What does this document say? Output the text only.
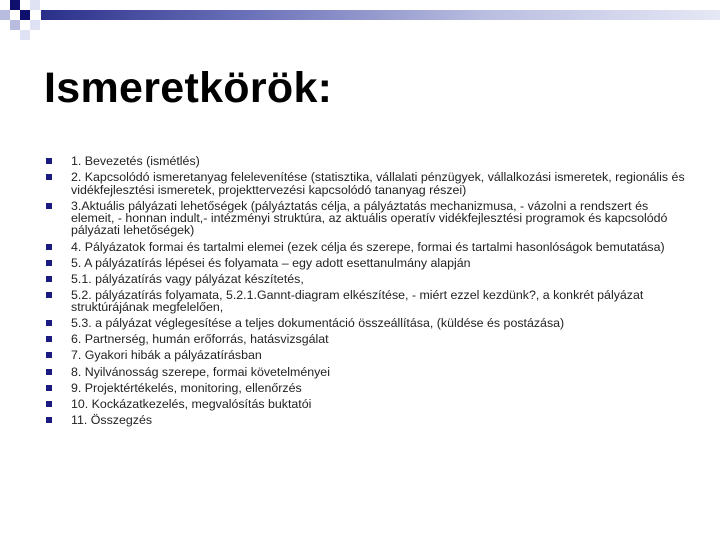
Ismeretkörök:
1. Bevezetés (ismétlés)
2. Kapcsolódó ismeretanyag felelevenítése (statisztika, vállalati pénzügyek, vállalkozási ismeretek, regionális és vidékfejlesztési ismeretek, projekttervezési kapcsolódó tananyag részei)
3.Aktuális pályázati lehetőségek (pályáztatás célja, a pályáztatás mechanizmusa, - vázolni a rendszert és elemeit, - honnan indult,- intézményi struktúra, az aktuális operatív vidékfejlesztési programok és kapcsolódó pályázati lehetőségek)
4. Pályázatok formai és tartalmi elemei (ezek célja és szerepe, formai és tartalmi hasonlóságok bemutatása)
5. A pályázatírás lépései és folyamata – egy adott esettanulmány alapján
5.1. pályázatírás vagy pályázat készítetés,
5.2. pályázatírás folyamata, 5.2.1.Gannt-diagram elkészítése, - miért ezzel kezdünk?, a konkrét pályázat struktúrájának megfelelően,
5.3. a pályázat véglegesítése a teljes dokumentáció összeállítása, (küldése és postázása)
6. Partnerség, humán erőforrás, hatásvizsgálat
7. Gyakori hibák a pályázatírásban
8. Nyilvánosság szerepe, formai követelményei
9. Projektértékelés, monitoring, ellenőrzés
10. Kockázatkezelés, megvalósítás buktatói
11. Összegzés
